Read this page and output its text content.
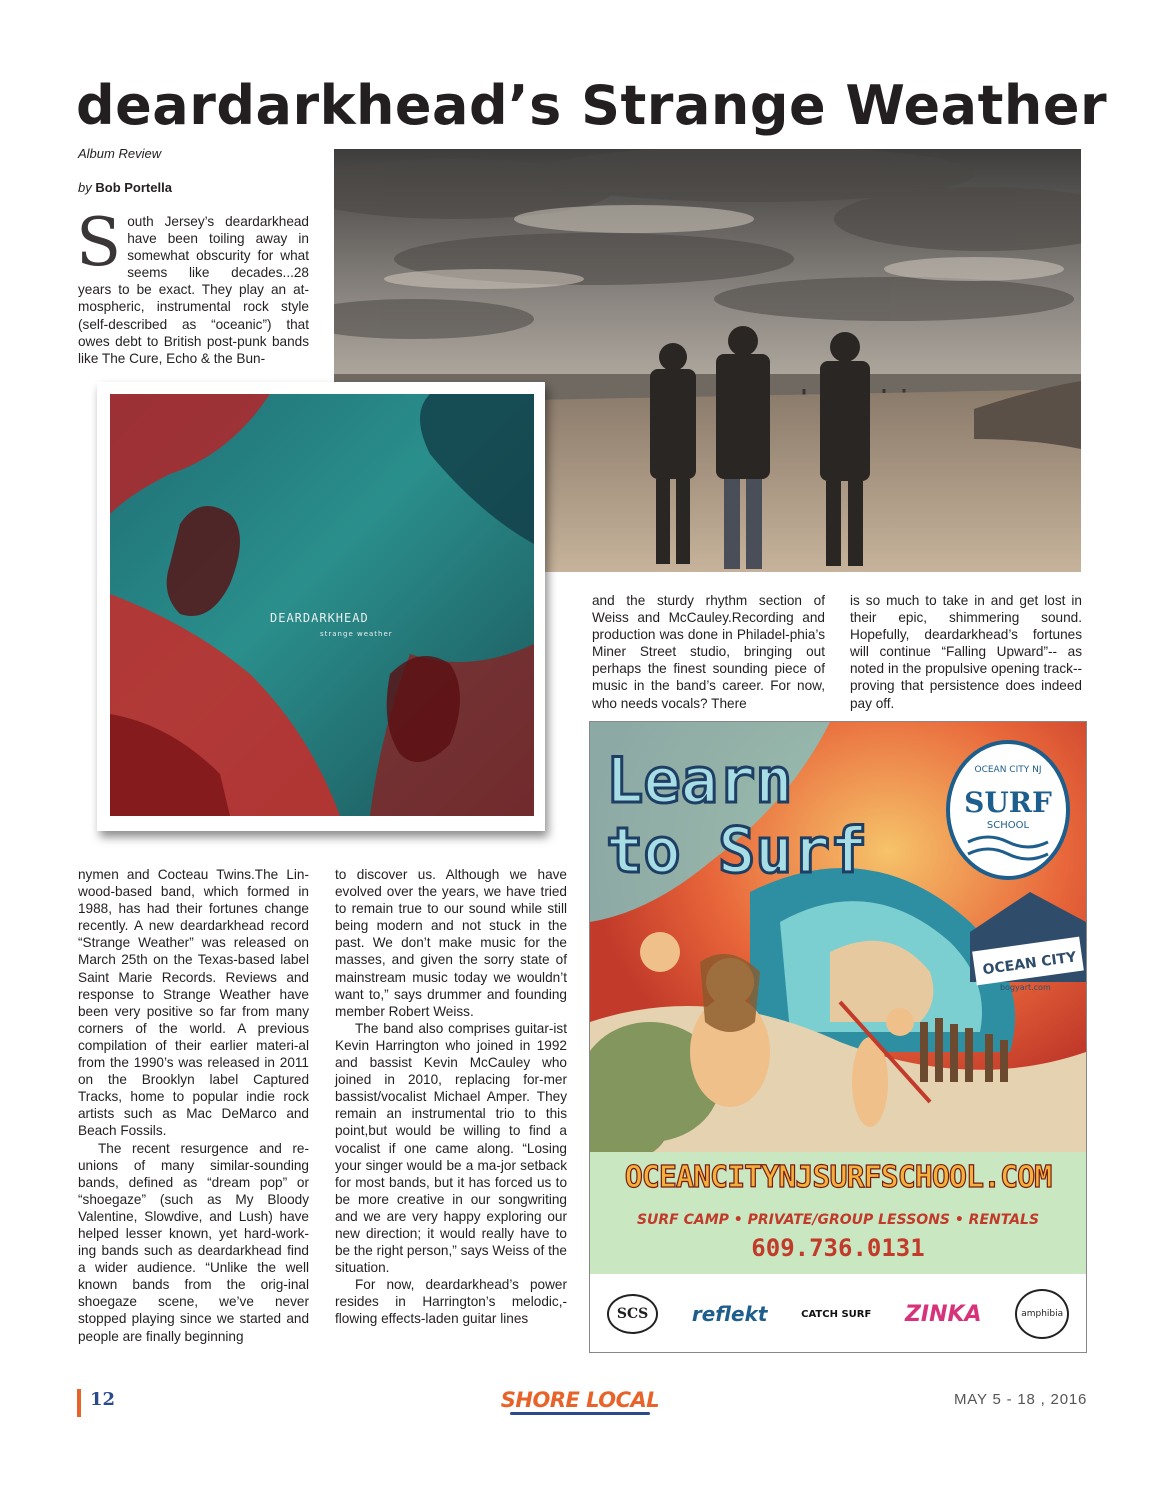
deardarkhead’s Strange Weather
Album Review
by Bob Portella
S outh Jersey’s deardarkhead have been toiling away in somewhat obscurity for what seems like decades...28 years to be exact. They play an at-mospheric, instrumental rock style (self-described as “oceanic”) that owes debt to British post-punk bands like The Cure, Echo & the Bun-
DEARDARKHEAD
strange weather
and the sturdy rhythm section of Weiss and McCauley.Recording and production was done in Philadel-phia’s Miner Street studio, bringing out perhaps the finest sounding piece of music in the band’s career. For now, who needs vocals? There
is so much to take in and get lost in their epic, shimmering sound. Hopefully, deardarkhead’s fortunes will continue “Falling Upward”-- as noted in the propulsive opening track-- proving that persistence does indeed pay off.

nymen and Cocteau Twins.The Lin-wood-based band, which formed in 1988, has had their fortunes change recently. A new deardarkhead record “Strange Weather” was released on March 25th on the Texas-based label Saint Marie Records. Reviews and response to Strange Weather have been very positive so far from many corners of the world. A previous compilation of their earlier materi-al from the 1990’s was released in 2011 on the Brooklyn label Captured Tracks, home to popular indie rock artists such as Mac DeMarco and Beach Fossils.

The recent resurgence and re-unions of many similar-sounding bands, defined as “dream pop” or “shoegaze” (such as My Bloody Valentine, Slowdive, and Lush) have helped lesser known, yet hard-work-ing bands such as deardarkhead find a wider audience. “Unlike the well known bands from the orig-inal shoegaze scene, we’ve never stopped playing since we started and people are finally beginning

to discover us. Although we have evolved over the years, we have tried to remain true to our sound while still being modern and not stuck in the past. We don’t make music for the masses, and given the sorry state of mainstream music today we wouldn’t want to,” says drummer and founding member Robert Weiss.

The band also comprises guitar-ist Kevin Harrington who joined in 1992 and bassist Kevin McCauley who joined in 2010, replacing for-mer bassist/vocalist Michael Amper. They remain an instrumental trio to this point,but would be willing to find a vocalist if one came along. “Losing your singer would be a ma-jor setback for most bands, but it has forced us to be more creative in our songwriting and we are very happy exploring our new direction; it would really have to be the right person,” says Weiss of the situation.

For now, deardarkhead’s power resides in Harrington’s melodic,-flowing effects-laden guitar lines

OCEAN CITY
bogyart.com
Learn
to Surf
OCEAN CITY NJ
SURF
SCHOOL
OCEANCITYNJSURFSCHOOL.COM
SURF CAMP • PRIVATE/GROUP LESSONS • RENTALS
609.736.0131
SCS	reflekt	CATCH SURF ZINKA	amphibia
12	SHORE LOCAL	MAY 5 - 18 , 2016
